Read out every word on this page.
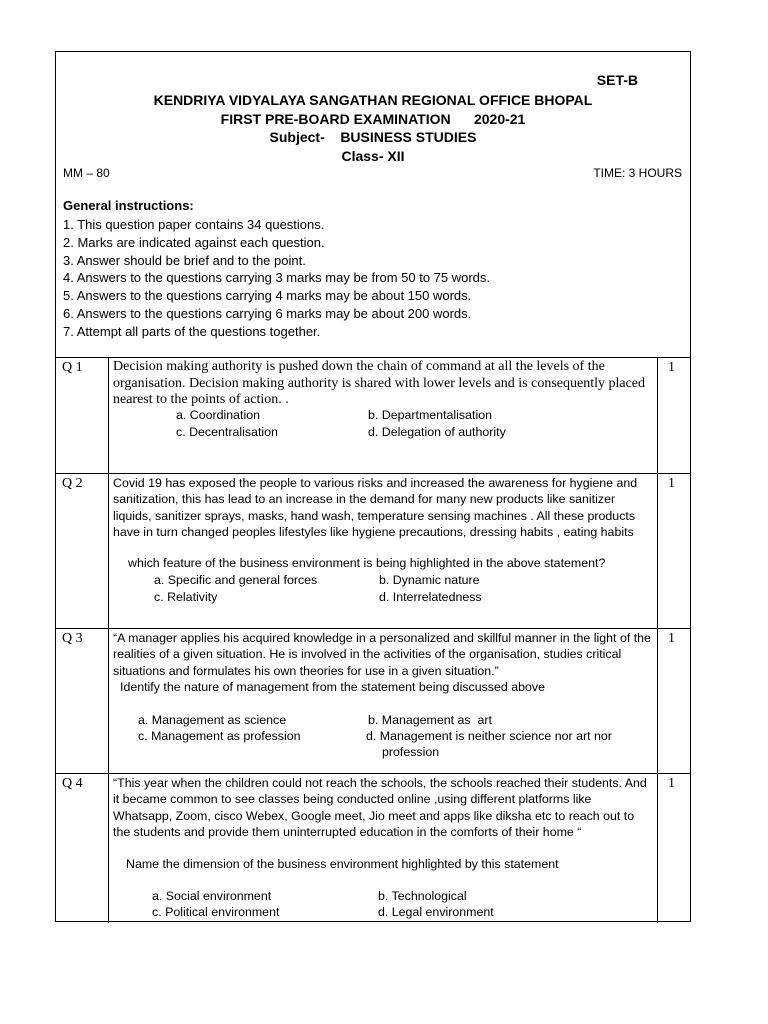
SET-B
KENDRIYA VIDYALAYA SANGATHAN REGIONAL OFFICE BHOPAL
FIRST PRE-BOARD EXAMINATION      2020-21
Subject-    BUSINESS STUDIES
Class- XII
MM – 80	TIME: 3 HOURS
General instructions:
1. This question paper contains 34 questions.
2. Marks are indicated against each question.
3. Answer should be brief and to the point.
4. Answers to the questions carrying 3 marks may be from 50 to 75 words.
5. Answers to the questions carrying 4 marks may be about 150 words.
6. Answers to the questions carrying 6 marks may be about 200 words.
7. Attempt all parts of the questions together.
Q 1 Decision making authority is pushed down the chain of command at all the levels of the organisation. Decision making authority is shared with lower levels and is consequently placed nearest to the points of action. .
a. Coordination	b. Departmentalisation
c. Decentralisation	d. Delegation of authority
1
Q 2 Covid 19 has exposed the people to various risks and increased the awareness for hygiene and sanitization, this has lead to an increase in the demand for many new products like sanitizer liquids, sanitizer sprays, masks, hand wash, temperature sensing machines . All these products have in turn changed peoples lifestyles like hygiene precautions, dressing habits , eating habits
which feature of the business environment is being highlighted in the above statement?
a. Specific and general forces	b. Dynamic nature
c. Relativity	d. Interrelatedness
1
Q 3 “A manager applies his acquired knowledge in a personalized and skillful manner in the light of the realities of a given situation. He is involved in the activities of the organisation, studies critical situations and formulates his own theories for use in a given situation.”
Identify the nature of management from the statement being discussed above
a. Management as science	b. Management as  art
c. Management as profession	d. Management is neither science nor art nor
profession
1
Q 4 “This year when the children could not reach the schools, the schools reached their students. And it became common to see classes being conducted online ,using different platforms like Whatsapp, Zoom, cisco Webex, Google meet, Jio meet and apps like diksha etc to reach out to the students and provide them uninterrupted education in the comforts of their home “
Name the dimension of the business environment highlighted by this statement
a. Social environment	b. Technological
c. Political environment	d. Legal environment
1
